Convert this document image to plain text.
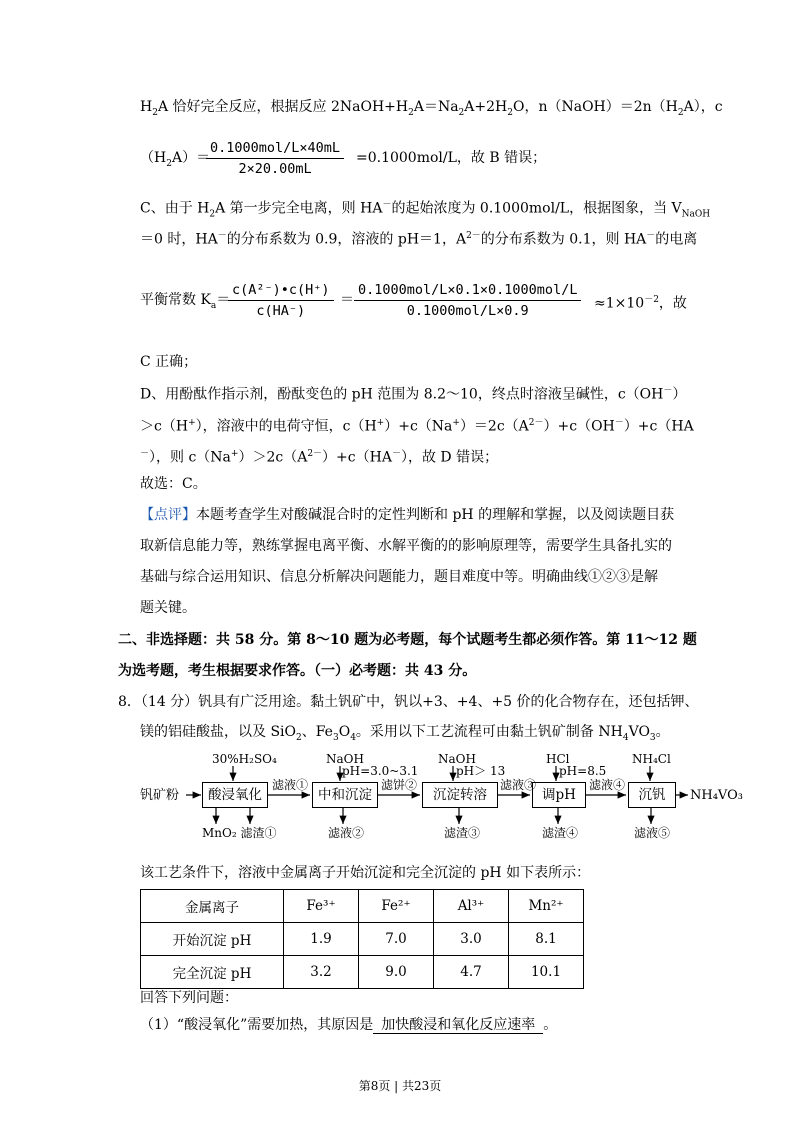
$H_2A$ 恰好完全反应，根据反应 $2NaOH+H_2A=Na_2A+2H_2O$，$n(NaOH)=2n(H_2A)$，c
$(H_2A)=$
0.1000mol/L×40mL
2×20.00mL
=0.1000mol/L，故 B 错误；
C、由于 $H_2A$ 第一步完全电离，则 HA－的起始浓度为 0.1000mol/L，根据图象，当 $V_{NaOH}$
＝0 时，HA－的分布系数为 0.9，溶液的 pH＝1，$A^{2-}$的分布系数为 0.1，则 HA－的电离
平衡常数 $K_a=$
$\frac{\text{c(A²⁻)•c(H⁺)}}{c(HA^-)}$ ＝
0.1000mol/L×0.1×0.1000mol/L
0.1000mol/L×0.9	$\approx 1\times 10^{-2}$，故
C 正确；
D、用酚酞作指示剂，酚酞变色的 pH 范围为 8.2～10，终点时溶液呈碱性，c（OH－）
＞c（H+），溶液中的电荷守恒，$c(H^+)+c(Na^+)=2c(A^{2-})+c(OH^-)+c(HA$
－），则 $c(Na^+)>2c(A^{2-})+c(HA^-)$，故 D 错误；
故选：C。
【点评】本题考查学生对酸碱混合时的定性判断和 pH 的理解和掌握，以及阅读题目获
取新信息能力等，熟练掌握电离平衡、水解平衡的的影响原理等，需要学生具备扎实的
基础与综合运用知识、信息分析解决问题能力，题目难度中等。明确曲线①②③是解
题关键。
二、非选择题：共 58 分。第 8～10 题为必考题，每个试题考生都必须作答。第 11～12 题
为选考题，考生根据要求作答。（一）必考题：共 43 分。
8．（14 分）钒具有广泛用途。黏土钒矿中，钒以+3、+4、+5 价的化合物存在，还包括钾、
镁的铝硅酸盐，以及 SiO$_2$、$Fe_3O_4$。采用以下工艺流程可由黏土钒矿制备 $NH_4VO_3$。
钒矿粉	酸浸氧化	中和沉淀	沉淀转溶	调pH	沉钒	NH₄VO₃
30%H₂SO₄	NaOH	NaOH	HCl	NH₄Cl
pH=3.0~3.1	pH＞ 13	pH=8.5
滤液①	滤饼②	滤液③	滤液④
MnO₂ 滤渣①	滤液②	滤渣③	滤渣④	滤液⑤
该工艺条件下，溶液中金属离子开始沉淀和完全沉淀的 pH 如下表所示：
金属离子	Fe³⁺	Fe²⁺	Al³⁺	Mn²⁺
开始沉淀 pH	1.9	7.0	3.0	8.1
完全沉淀 pH	3.2	9.0	4.7	10.1
回答下列问题：
（1）“酸浸氧化”需要加热，其原因是 加快酸浸和氧化反应速率 。
第8页 | 共23页
